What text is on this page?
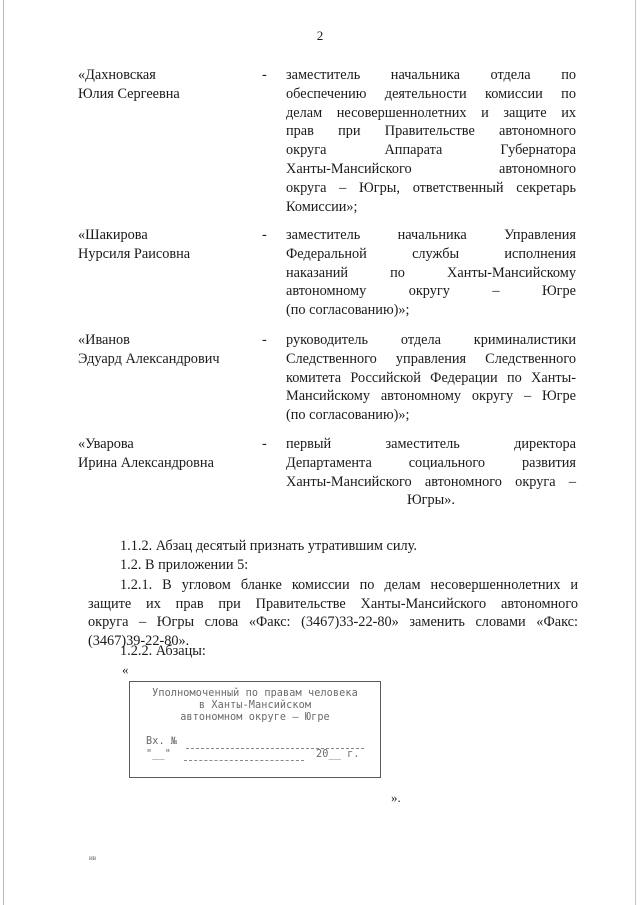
2
«Дахновская
Юлия Сергеевна
- заместитель начальника отдела по
обеспечению деятельности комиссии по
делам несовершеннолетних и защите их
прав при Правительстве автономного
округа Аппарата Губернатора
Ханты-Мансийского автономного
округа – Югры, ответственный секретарь
Комиссии»;
«Шакирова
Нурсиля Раисовна
- заместитель начальника Управления
Федеральной службы исполнения
наказаний по Ханты-Мансийскому
автономному округу – Югре
(по согласованию)»;
«Иванов
Эдуард Александрович
- руководитель отдела криминалистики
Следственного управления Следственного
комитета Российской Федерации по Ханты-
Мансийскому автономному округу – Югре
(по согласованию)»;
«Уварова
Ирина Александровна
- первый заместитель директора
Департамента социального развития
Ханты-Мансийского автономного округа –
Югры».
1.1.2. Абзац десятый признать утратившим силу.
1.2. В приложении 5:
1.2.1. В угловом бланке комиссии по делам несовершеннолетних и
защите их прав при Правительстве Ханты-Мансийского автономного
округа – Югры слова «Факс: (3467)33-22-80» заменить словами «Факс:
(3467)39-22-80».
1.2.2. Абзацы:
«
Уполномоченный по правам человека
в Ханты-Мансийском
автономном округе – Югре
Вх. №
"__"	20__ г.
».
ив
